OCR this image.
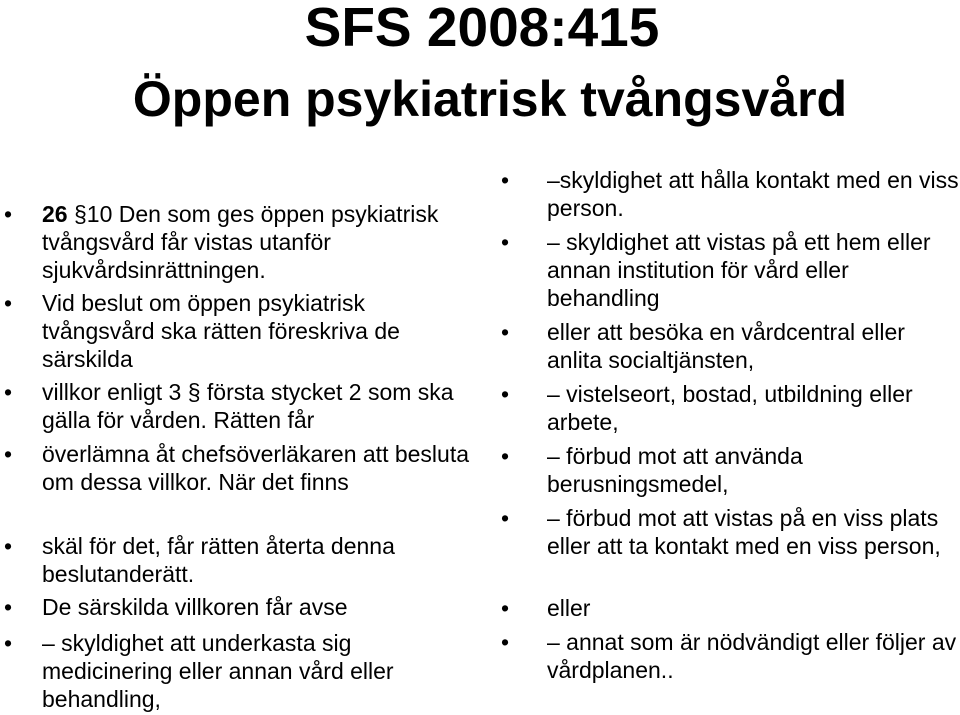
SFS 2008:415
Öppen psykiatrisk tvångsvård
• 26 §10 Den som ges öppen psykiatrisk tvångsvård får vistas utanför sjukvårdsinrättningen.
• Vid beslut om öppen psykiatrisk tvångsvård ska rätten föreskriva de särskilda
• villkor enligt 3 § första stycket 2 som ska gälla för vården. Rätten får
• överlämna åt chefsöverläkaren att besluta om dessa villkor. När det finns
• skäl för det, får rätten återta denna beslutanderätt.
• De särskilda villkoren får avse
• – skyldighet att underkasta sig medicinering eller annan vård eller behandling,
• –skyldighet att hålla kontakt med en viss person.
• – skyldighet att vistas på ett hem eller annan institution för vård eller behandling
• eller att besöka en vårdcentral eller anlita socialtjänsten,
• – vistelseort, bostad, utbildning eller arbete,
• – förbud mot att använda berusningsmedel,
• – förbud mot att vistas på en viss plats eller att ta kontakt med en viss person,
• eller
• – annat som är nödvändigt eller följer av vårdplanen..
